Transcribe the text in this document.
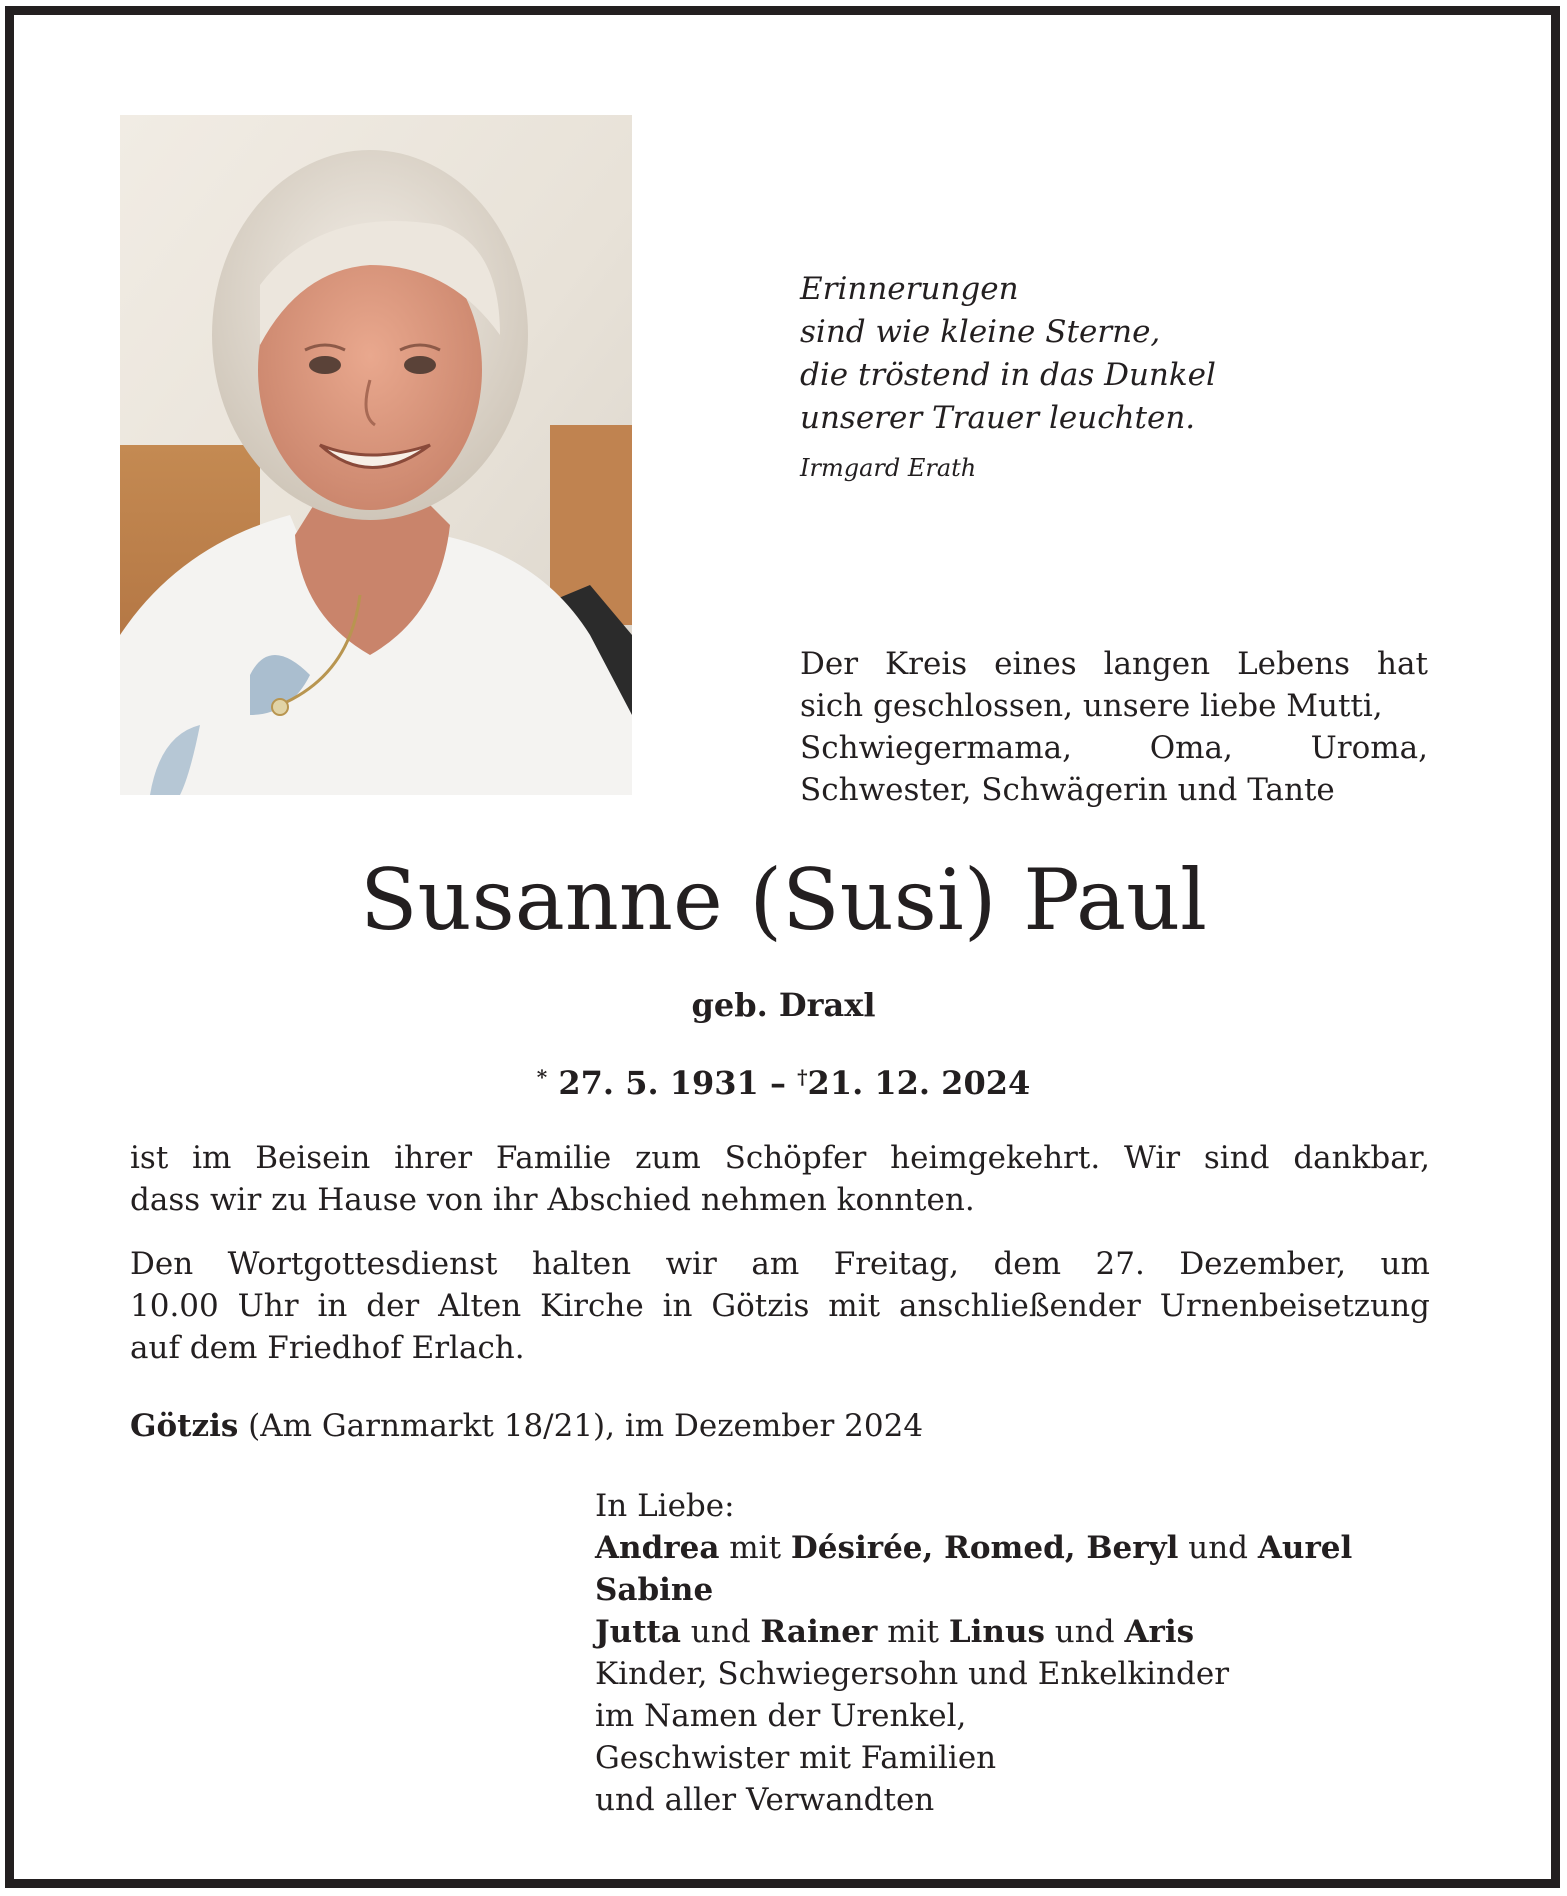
Erinnerungen
sind wie kleine Sterne,
die tröstend in das Dunkel
unserer Trauer leuchten.
Irmgard Erath
Der Kreis eines langen Lebens hat
sich geschlossen, unsere liebe Mutti,
Schwiegermama,	Oma,	Uroma,
Schwester, Schwägerin und Tante
Susanne (Susi) Paul
geb. Draxl
* 27. 5. 1931 – †21. 12. 2024
ist im Beisein ihrer Familie zum Schöpfer heimgekehrt. Wir sind dankbar,
dass wir zu Hause von ihr Abschied nehmen konnten.
Den Wortgottesdienst halten wir am Freitag, dem 27. Dezember, um
10.00 Uhr in der Alten Kirche in Götzis mit anschließender Urnenbeisetzung
auf dem Friedhof Erlach.
Götzis (Am Garnmarkt 18/21), im Dezember 2024
In Liebe:
Andrea mit Désirée, Romed, Beryl und Aurel
Sabine
Jutta und Rainer mit Linus und Aris
Kinder, Schwiegersohn und Enkelkinder
im Namen der Urenkel,
Geschwister mit Familien
und aller Verwandten
